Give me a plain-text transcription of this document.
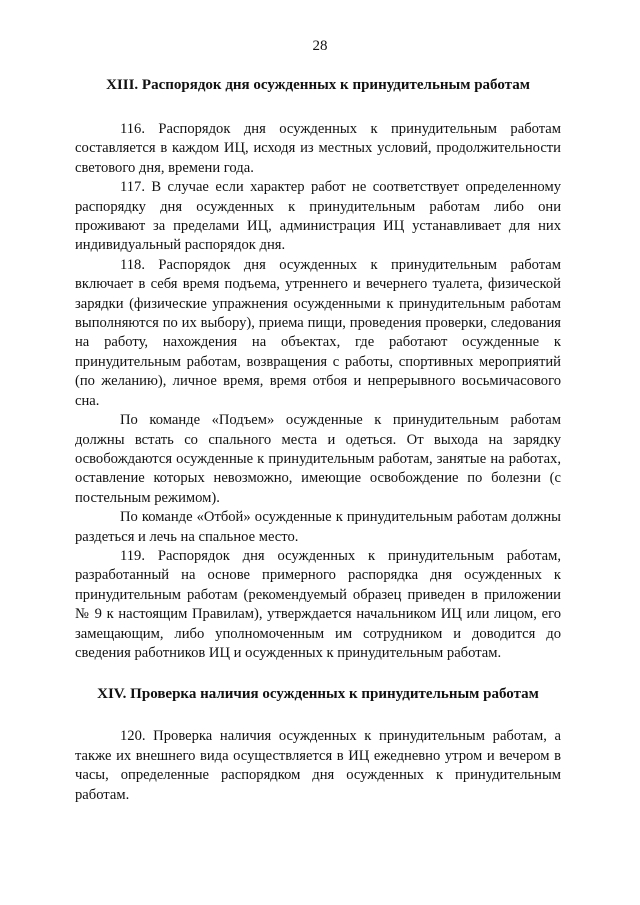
28
XIII. Распорядок дня осужденных к принудительным работам

116. Распорядок дня осужденных к принудительным работам составляется в каждом ИЦ, исходя из местных условий, продолжительности светового дня, времени года.

117. В случае если характер работ не соответствует определенному распорядку дня осужденных к принудительным работам либо они проживают за пределами ИЦ, администрация ИЦ устанавливает для них индивидуальный распорядок дня.

118. Распорядок дня осужденных к принудительным работам включает в себя время подъема, утреннего и вечернего туалета, физической зарядки (физические упражнения осужденными к принудительным работам выполняются по их выбору), приема пищи, проведения проверки, следования на работу, нахождения на объектах, где работают осужденные к принудительным работам, возвращения с работы, спортивных мероприятий (по желанию), личное время, время отбоя и непрерывного восьмичасового сна.

По команде «Подъем» осужденные к принудительным работам должны встать со спального места и одеться. От выхода на зарядку освобождаются осужденные к принудительным работам, занятые на работах, оставление которых невозможно, имеющие освобождение по болезни (с постельным режимом).

По команде «Отбой» осужденные к принудительным работам должны раздеться и лечь на спальное место.

119. Распорядок дня осужденных к принудительным работам, разработанный на основе примерного распорядка дня осужденных к принудительным работам (рекомендуемый образец приведен в приложении № 9 к настоящим Правилам), утверждается начальником ИЦ или лицом, его замещающим, либо уполномоченным им сотрудником и доводится до сведения работников ИЦ и осужденных к принудительным работам.

XIV. Проверка наличия осужденных к принудительным работам

120. Проверка наличия осужденных к принудительным работам, а также их внешнего вида осуществляется в ИЦ ежедневно утром и вечером в часы, определенные распорядком дня осужденных к принудительным работам.
